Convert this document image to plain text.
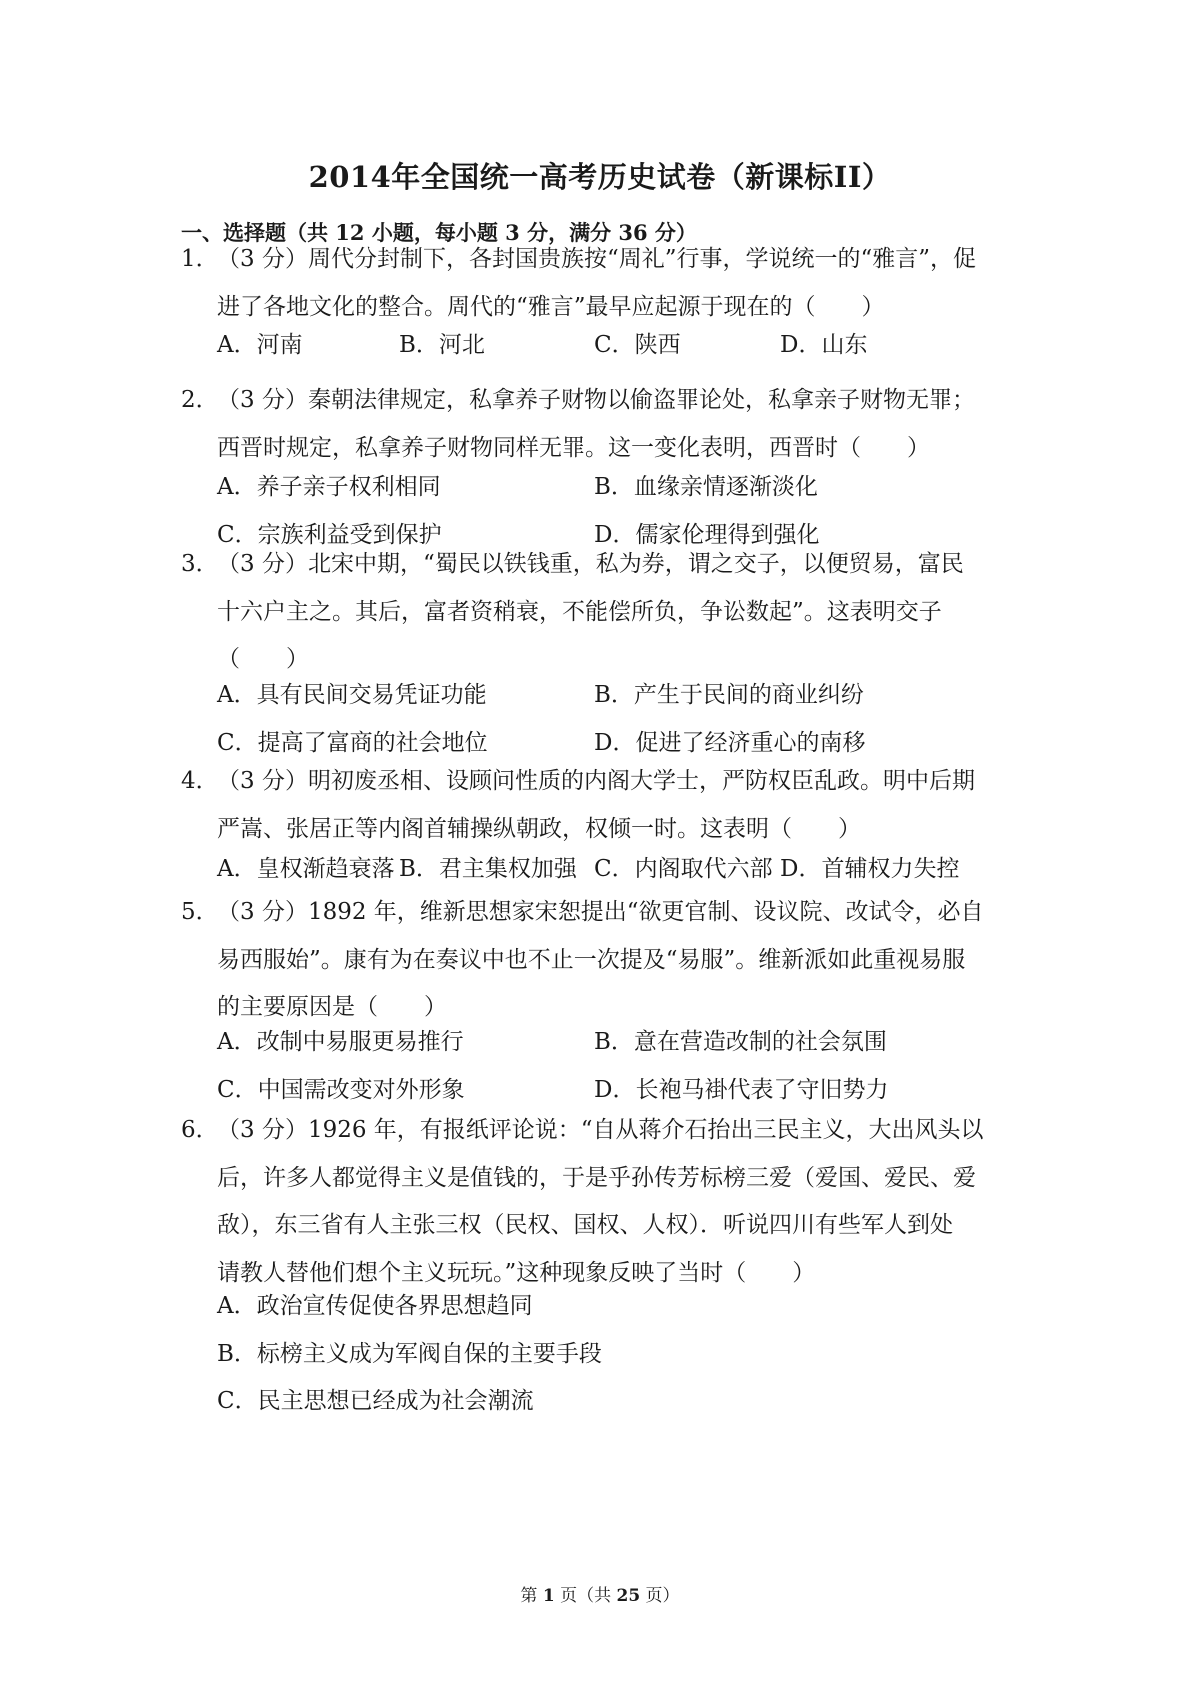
2014年全国统一高考历史试卷（新课标II）
一、选择题（共 12 小题，每小题 3 分，满分 36 分）
1．

（3 分）周代分封制下，各封国贵族按“周礼”行事，学说统一的“雅言”，促

进了各地文化的整合。周代的“雅言”最早应起源于现在的（　　）

A．河南	B．河北	C．陕西	D．山东
2．

（3 分）秦朝法律规定，私拿养子财物以偷盗罪论处，私拿亲子财物无罪；

西晋时规定，私拿养子财物同样无罪。这一变化表明，西晋时（　　）

A．养子亲子权利相同	B．血缘亲情逐渐淡化
C．宗族利益受到保护	D．儒家伦理得到强化
3．

（3 分）北宋中期，“蜀民以铁钱重，私为券，谓之交子，以便贸易，富民

十六户主之。其后，富者资稍衰，不能偿所负，争讼数起”。这表明交子

（　　）

A．具有民间交易凭证功能	B．产生于民间的商业纠纷
C．提高了富商的社会地位	D．促进了经济重心的南移
4．

（3 分）明初废丞相、设顾问性质的内阁大学士，严防权臣乱政。明中后期

严嵩、张居正等内阁首辅操纵朝政，权倾一时。这表明（　　）

A．皇权渐趋衰落 B．君主集权加强 C．内阁取代六部 D．首辅权力失控
5．

（3 分）1892 年，维新思想家宋恕提出“欲更官制、设议院、改试令，必自

易西服始”。康有为在奏议中也不止一次提及“易服”。维新派如此重视易服

的主要原因是（　　）

A．改制中易服更易推行	B．意在营造改制的社会氛围
C．中国需改变对外形象	D．长袍马褂代表了守旧势力
6．

（3 分）1926 年，有报纸评论说：“自从蒋介石抬出三民主义，大出风头以

后，许多人都觉得主义是值钱的，于是乎孙传芳标榜三爱（爱国、爱民、爱

敌），东三省有人主张三权（民权、国权、人权）．听说四川有些军人到处

请教人替他们想个主义玩玩。”这种现象反映了当时（　　）

A．政治宣传促使各界思想趋同
B．标榜主义成为军阀自保的主要手段
C．民主思想已经成为社会潮流
第 1 页（共 25 页）
